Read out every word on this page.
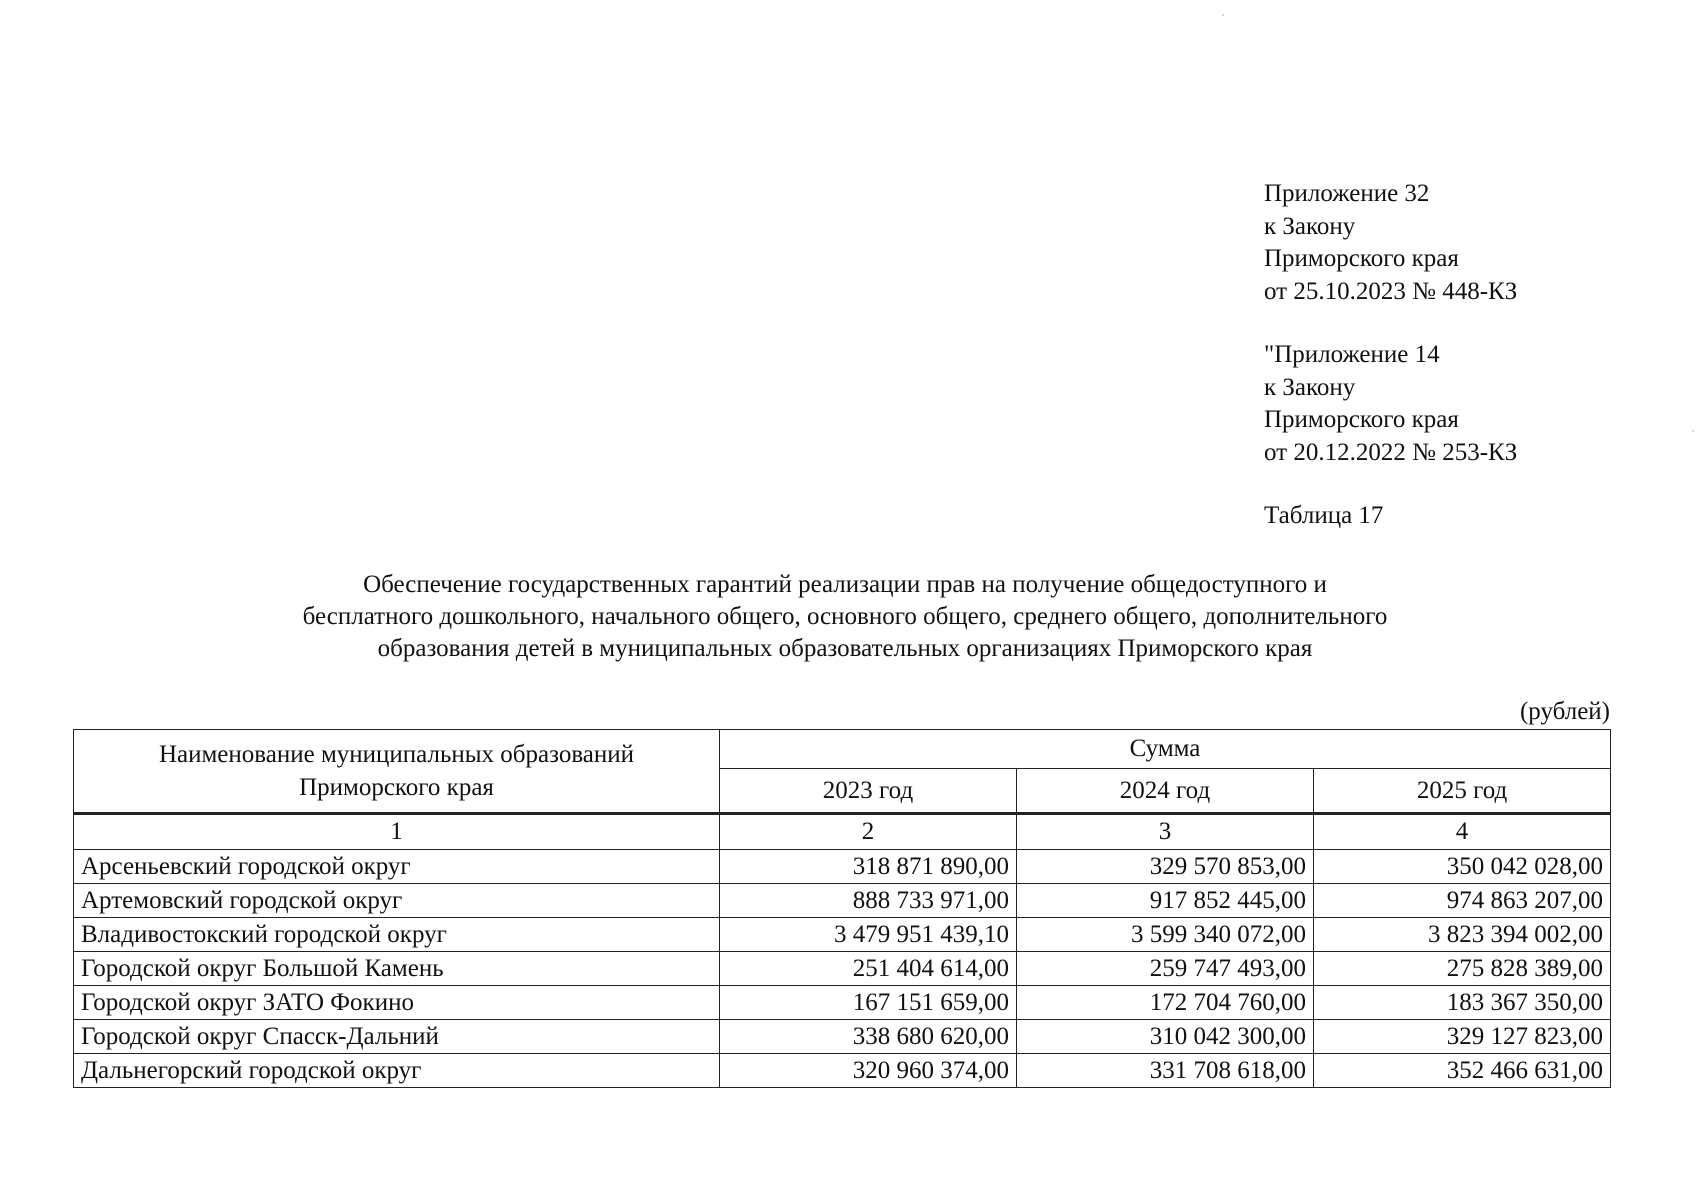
Приложение 32
к Закону
Приморского края
от 25.10.2023 № 448-КЗ
"Приложение 14
к Закону
Приморского края
от 20.12.2022 № 253-КЗ
Таблица 17
Обеспечение государственных гарантий реализации прав на получение общедоступного и
бесплатного дошкольного, начального общего, основного общего, среднего общего, дополнительного
образования детей в муниципальных образовательных организациях Приморского края
(рублей)
Наименование муниципальных образований
Приморского края	Сумма		
	2023 год	2024 год	2025 год
1	2	3	4
Арсеньевский городской округ	318 871 890,00	329 570 853,00	350 042 028,00
Артемовский городской округ	888 733 971,00	917 852 445,00	974 863 207,00
Владивостокский городской округ	3 479 951 439,10	3 599 340 072,00	3 823 394 002,00
Городской округ Большой Камень	251 404 614,00	259 747 493,00	275 828 389,00
Городской округ ЗАТО Фокино	167 151 659,00	172 704 760,00	183 367 350,00
Городской округ Спасск-Дальний	338 680 620,00	310 042 300,00	329 127 823,00
Дальнегорский городской округ	320 960 374,00	331 708 618,00	352 466 631,00
